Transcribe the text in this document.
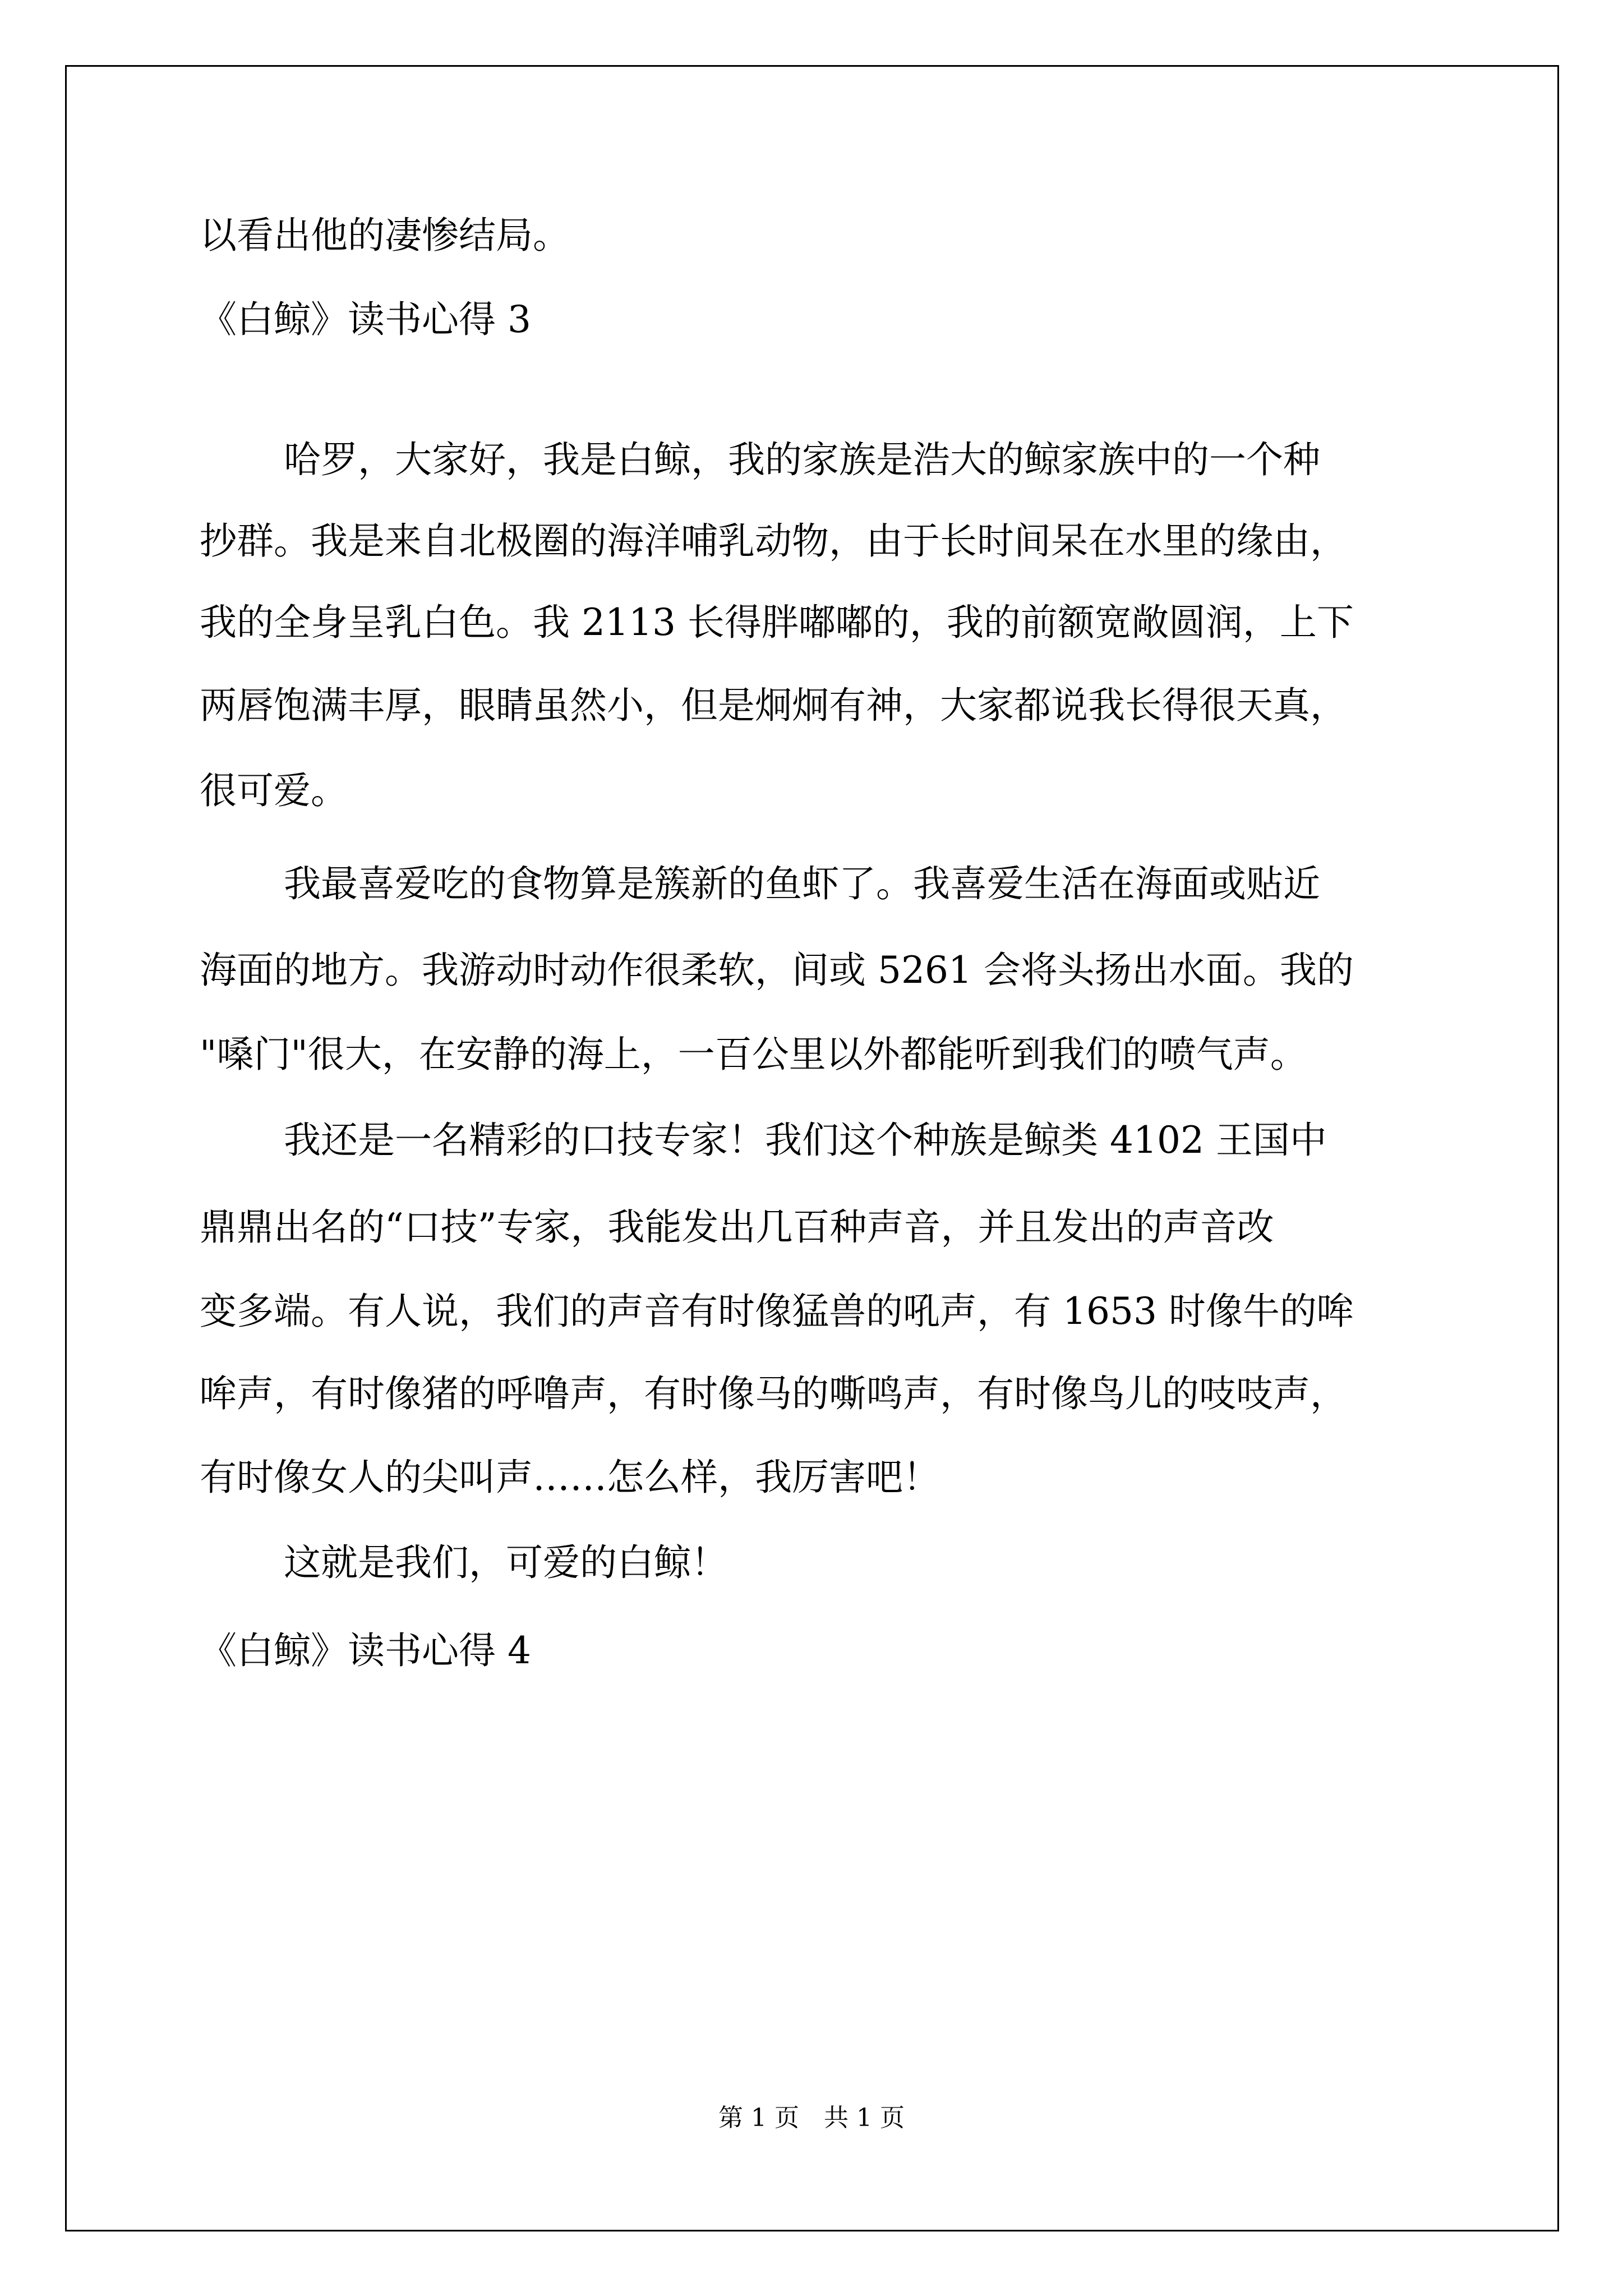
以看出他的凄惨结局。
《白鲸》读书心得 3
哈罗，大家好，我是白鲸，我的家族是浩大的鲸家族中的一个种
抄群。我是来自北极圈的海洋哺乳动物，由于长时间呆在水里的缘由，
我的全身呈乳白色。我 2113 长得胖嘟嘟的，我的前额宽敞圆润，上下
两唇饱满丰厚，眼睛虽然小，但是炯炯有神，大家都说我长得很天真，
很可爱。
我最喜爱吃的食物算是簇新的鱼虾了。我喜爱生活在海面或贴近
海面的地方。我游动时动作很柔软，间或 5261 会将头扬出水面。我的
"嗓门"很大，在安静的海上，一百公里以外都能听到我们的喷气声。
我还是一名精彩的口技专家！我们这个种族是鲸类 4102 王国中
鼎鼎出名的“口技”专家，我能发出几百种声音，并且发出的声音改
变多端。有人说，我们的声音有时像猛兽的吼声，有 1653 时像牛的哞
哞声，有时像猪的呼噜声，有时像马的嘶鸣声，有时像鸟儿的吱吱声，
有时像女人的尖叫声……怎么样，我厉害吧！
这就是我们，可爱的白鲸！
《白鲸》读书心得 4
第 1 页　共 1 页
